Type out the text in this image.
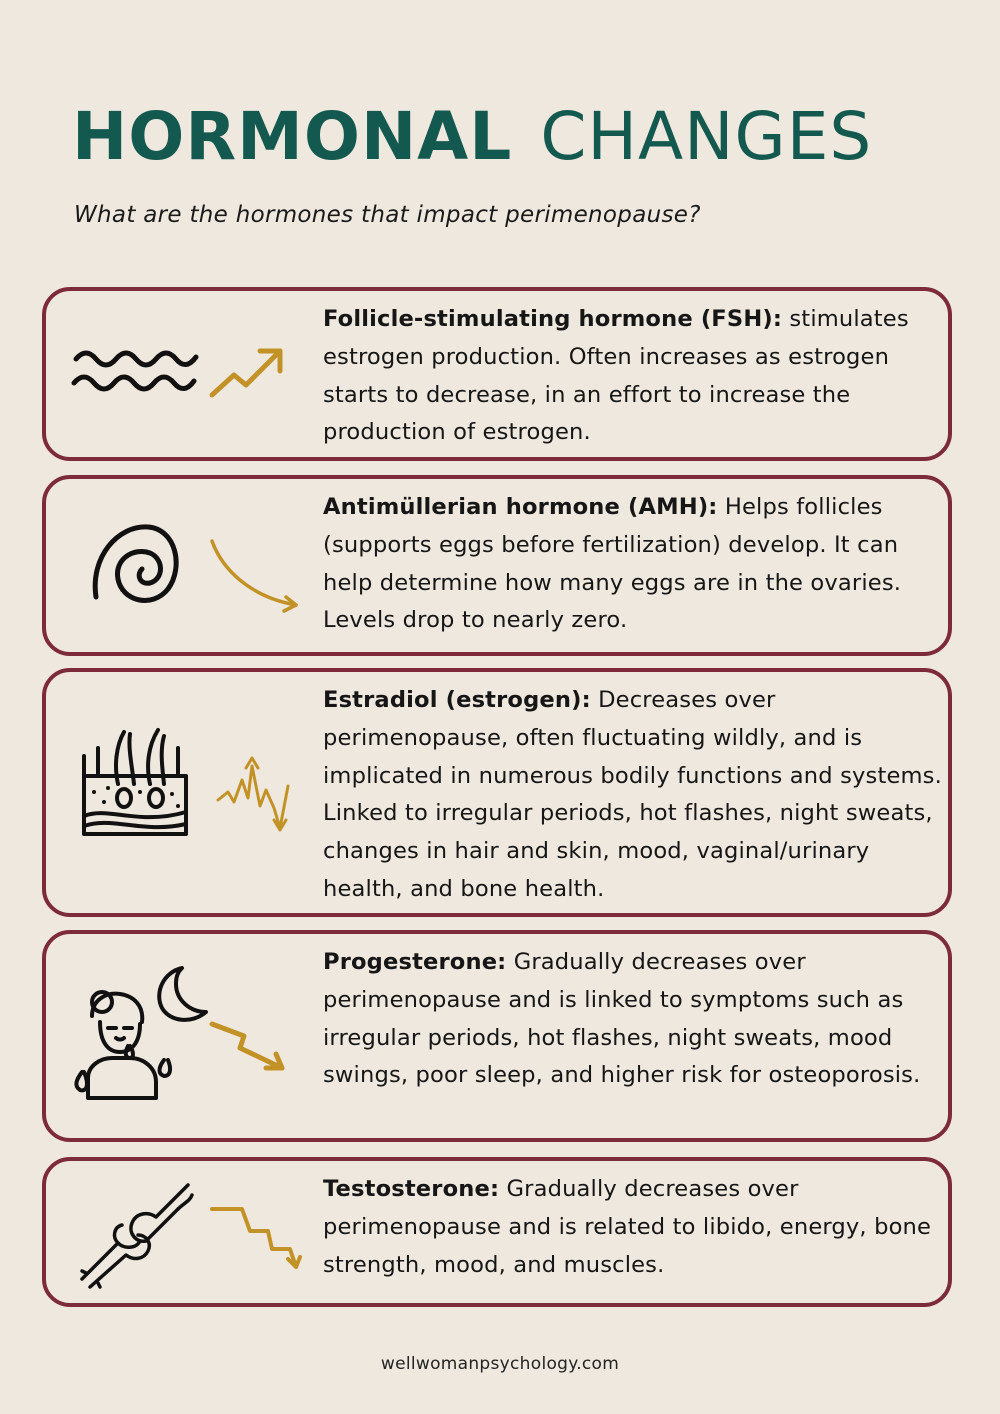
HORMONAL CHANGES
What are the hormones that impact perimenopause?
Follicle-stimulating hormone (FSH): stimulates estrogen production. Often increases as estrogen starts to decrease, in an effort to increase the production of estrogen.
Antimüllerian hormone (AMH): Helps follicles (supports eggs before fertilization) develop. It can help determine how many eggs are in the ovaries. Levels drop to nearly zero.
Estradiol (estrogen): Decreases over perimenopause, often fluctuating wildly, and is implicated in numerous bodily functions and systems. Linked to irregular periods, hot flashes, night sweats, changes in hair and skin, mood, vaginal/urinary health, and bone health.
Progesterone: Gradually decreases over perimenopause and is linked to symptoms such as irregular periods, hot flashes, night sweats, mood swings, poor sleep, and higher risk for osteoporosis.
Testosterone: Gradually decreases over perimenopause and is related to libido, energy, bone strength, mood, and muscles.
wellwomanpsychology.com
